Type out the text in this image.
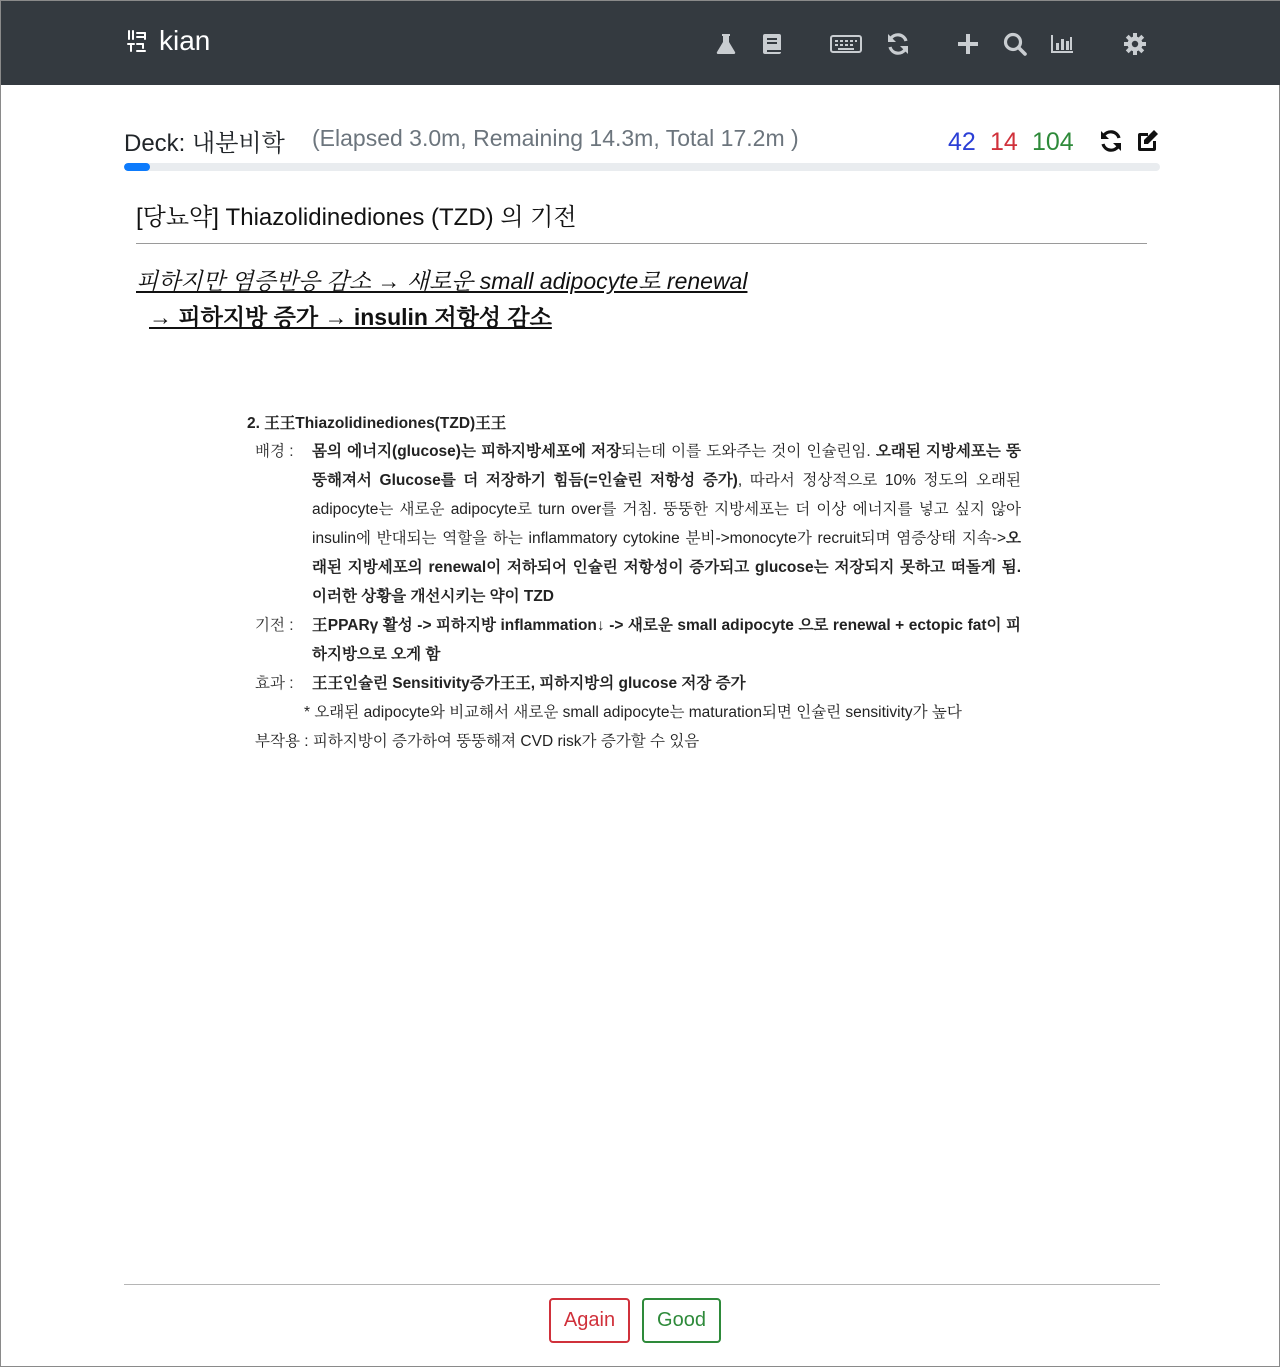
kian
Deck: 내분비학 (Elapsed 3.0m, Remaining 14.3m, Total 17.2m )	42 14 104
[당뇨약] Thiazolidinediones (TZD) 의 기전
피하지만 염증반응 감소 → 새로운 small adipocyte로 renewal
→ 피하지방 증가 → insulin 저항성 감소
2. 王王Thiazolidinediones(TZD)王王
배경 :	몸의 에너지(glucose)는 피하지방세포에 저장되는데 이를 도와주는 것이 인슐린임. 오래된 지방세포는 뚱뚱해져서 Glucose를 더 저장하기 힘듬(=인슐린 저항성 증가), 따라서 정상적으로 10% 정도의 오래된 adipocyte는 새로운 adipocyte로 turn over를 거침. 뚱뚱한 지방세포는 더 이상 에너지를 넣고 싶지 않아 insulin에 반대되는 역할을 하는 inflammatory cytokine 분비->monocyte가 recruit되며 염증상태 지속->오래된 지방세포의 renewal이 저하되어 인슐린 저항성이 증가되고 glucose는 저장되지 못하고 떠돌게 됨. 이러한 상황을 개선시키는 약이 TZD
기전 :	王PPARγ 활성 -> 피하지방 inflammation↓ -> 새로운 small adipocyte 으로 renewal + ectopic fat이 피하지방으로 오게 함
효과 :	王王인슐린 Sensitivity증가王王, 피하지방의 glucose 저장 증가
* 오래된 adipocyte와 비교해서 새로운 small adipocyte는 maturation되면 인슐린 sensitivity가 높다
부작용 : 피하지방이 증가하여 뚱뚱해져 CVD risk가 증가할 수 있음
Again	Good
